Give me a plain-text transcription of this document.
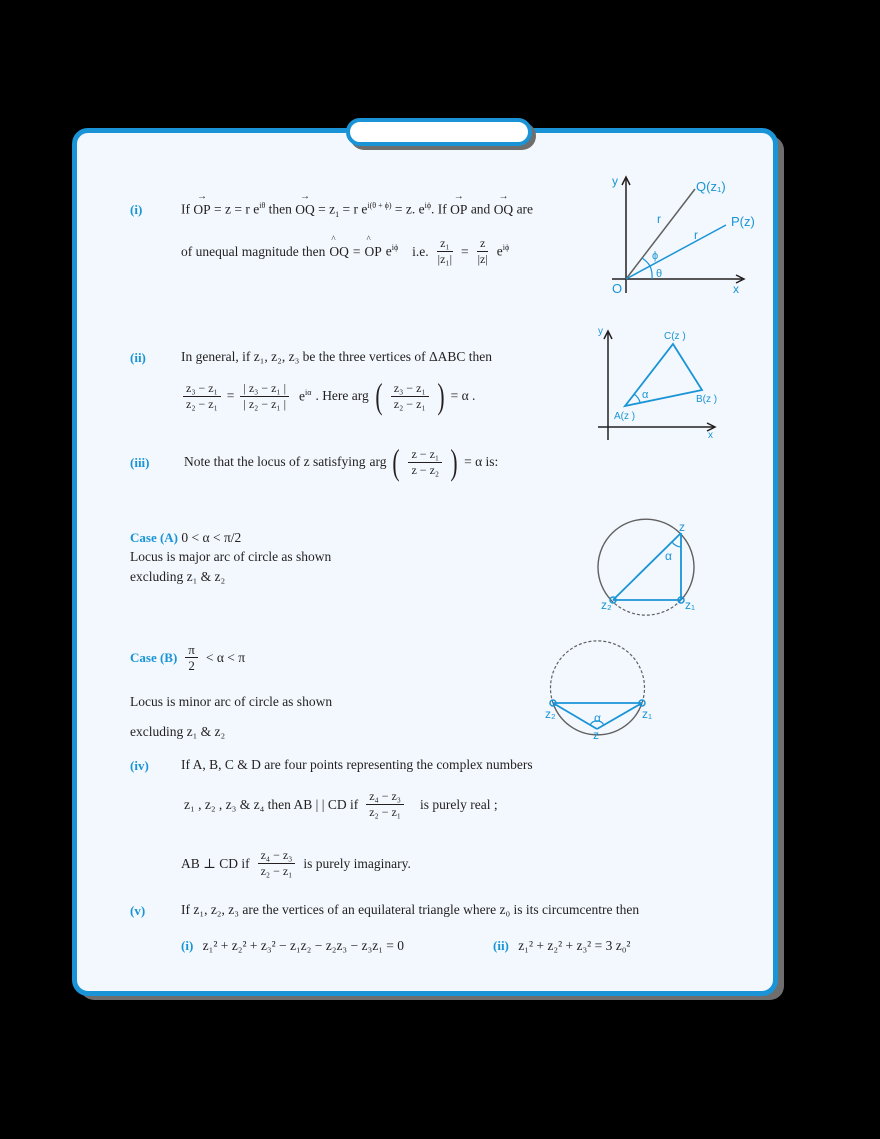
(i)	If → OP = z = r $e^{i\theta}$ then → OQ = $z_1 = r$ $e^{i(\theta + \phi)} = z$. $e^{i\phi}$. If → OP and → OQ are
of unequal magnitude then ^ OQ = ^ OP $e^{i\phi}$ i.e. $\frac{\text{z₁}}{\text{|z₁|}} = \frac{z}{|z|} e^{i\phi}$
y
x
O
Q(z₁)
P(z)
r
r
ϕ
θ
(ii)	In general, if z₁, z₂, z₃ be the three vertices of ΔABC then
$\frac{\text{z₃ − z₁}}{\text{z₂ − z₁}} = \frac{\text{| z₃ − z₁ |}}{\text{| z₂ − z₁ |}} e^{i\alpha}$ . Here arg ( $\frac{\text{z₃ − z₁}}{\text{z₂ − z₁}}$ ) = α .
y
x
A(z )
B(z )
C(z )
α
(iii)	Note that the locus of z satisfying arg ( $\frac{\text{z − z₁}}{\text{z − z₂}}$ ) = α is:
Case (A) 0 < α < π/2
Locus is major arc of circle as shown
excluding z₁ & z₂
z
z₁
z₂
α
Case $(B) \frac{\pi}{2} < \alpha < \pi$
Locus is minor arc of circle as shown
excluding z₁ & z₂	z
z₁
z₂	α
(iv) If A, B, C & D are four points representing the complex numbers
z₁ , z₂ , z₃ & z₄ then AB | | CD if $\frac{\text{z₄ − z₃}}{\text{z₂ − z₁}}$ is purely real ;
AB ⊥ CD if $\frac{\text{z₄ − z₃}}{\text{z₂ − z₁}}$ is purely imaginary.
(v)	If z₁, z₂, z₃ are the vertices of an equilateral triangle where z₀ is its circumcentre then
(i) z₁² + z₂² + z₃² − z₁z₂ − z₂z₃ − z₃z₁ = 0	(ii) z₁² + z₂² + z₃² = 3 z₀²
